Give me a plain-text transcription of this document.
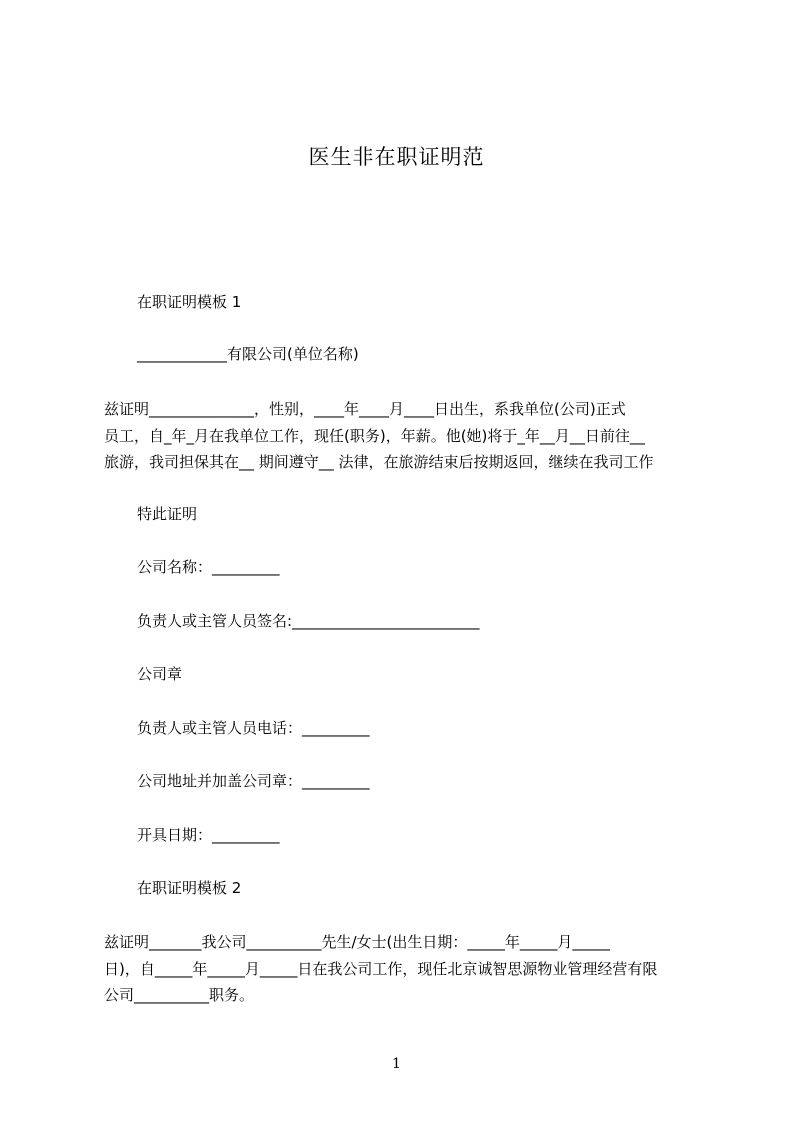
医生非在职证明范
在职证明模板 1
____________有限公司(单位名称)
兹证明______________，性别，____年____月____日出生，系我单位(公司)正式
员工，自_年_月在我单位工作，现任(职务)，年薪。他(她)将于_年__月__日前往__
旅游，我司担保其在__ 期间遵守__ 法律，在旅游结束后按期返回，继续在我司工作
特此证明
公司名称：_________
负责人或主管人员签名:_________________________
公司章
负责人或主管人员电话：_________
公司地址并加盖公司章：_________
开具日期：_________
在职证明模板 2
兹证明_______我公司__________先生/女士(出生日期：_____年_____月_____
日)，自_____年_____月_____日在我公司工作，现任北京诚智思源物业管理经营有限
公司__________职务。
1
